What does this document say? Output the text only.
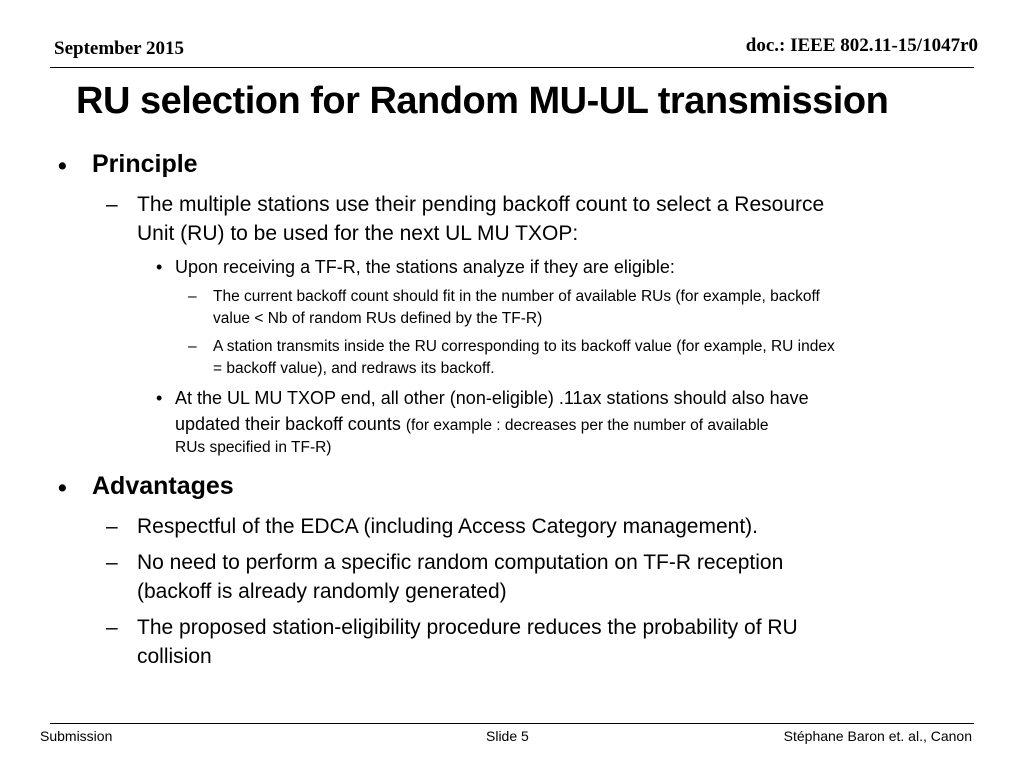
September 2015	doc.: IEEE 802.11-15/1047r0
RU selection for Random MU-UL transmission
• Principle
– The multiple stations use their pending backoff count to select a Resource
Unit (RU) to be used for the next UL MU TXOP:
• Upon receiving a TF-R, the stations analyze if they are eligible:
– The current backoff count should fit in the number of available RUs (for example, backoff
value < Nb of random RUs defined by the TF-R)
– A station transmits inside the RU corresponding to its backoff value (for example, RU index
= backoff value), and redraws its backoff.
• At the UL MU TXOP end, all other (non-eligible) .11ax stations should also have
updated their backoff counts (for example : decreases per the number of available
RUs specified in TF-R)
• Advantages
– Respectful of the EDCA (including Access Category management).
– No need to perform a specific random computation on TF-R reception
(backoff is already randomly generated)
– The proposed station-eligibility procedure reduces the probability of RU
collision
Submission	Slide 5	Stéphane Baron et. al., Canon
